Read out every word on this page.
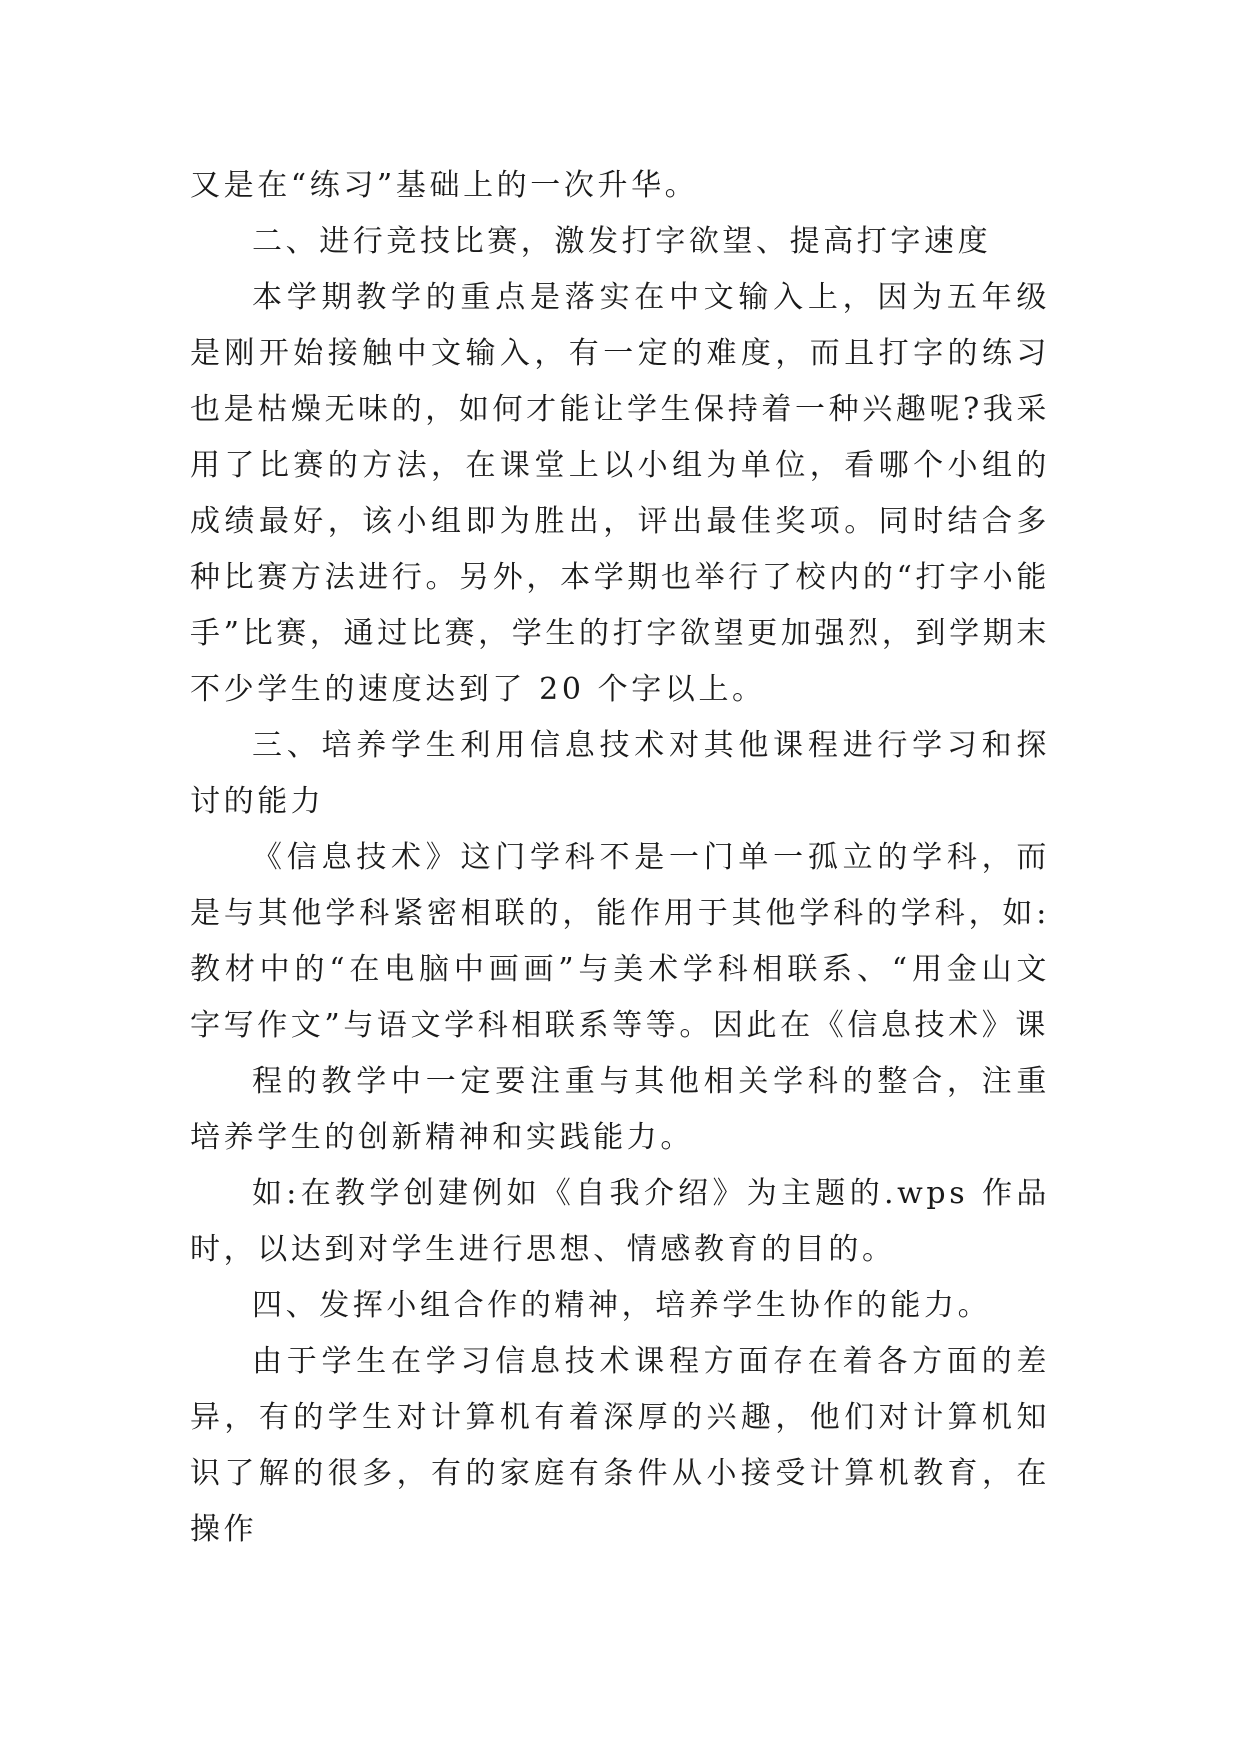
又是在“练习”基础上的一次升华。

二、进行竞技比赛，激发打字欲望、提高打字速度

本学期教学的重点是落实在中文输入上，因为五年级是刚开始接触中文输入，有一定的难度，而且打字的练习也是枯燥无味的，如何才能让学生保持着一种兴趣呢?我采用了比赛的方法，在课堂上以小组为单位，看哪个小组的成绩最好，该小组即为胜出，评出最佳奖项。同时结合多种比赛方法进行。另外，本学期也举行了校内的“打字小能手”比赛，通过比赛，学生的打字欲望更加强烈，到学期末不少学生的速度达到了 20 个字以上。

三、培养学生利用信息技术对其他课程进行学习和探讨的能力

《信息技术》这门学科不是一门单一孤立的学科，而是与其他学科紧密相联的，能作用于其他学科的学科，如:教材中的“在电脑中画画”与美术学科相联系、“用金山文字写作文”与语文学科相联系等等。因此在《信息技术》课

程的教学中一定要注重与其他相关学科的整合，注重培养学生的创新精神和实践能力。

如:在教学创建例如《自我介绍》为主题的.wps 作品时，以达到对学生进行思想、情感教育的目的。

四、发挥小组合作的精神，培养学生协作的能力。

由于学生在学习信息技术课程方面存在着各方面的差异，有的学生对计算机有着深厚的兴趣，他们对计算机知识了解的很多，有的家庭有条件从小接受计算机教育，在操作
